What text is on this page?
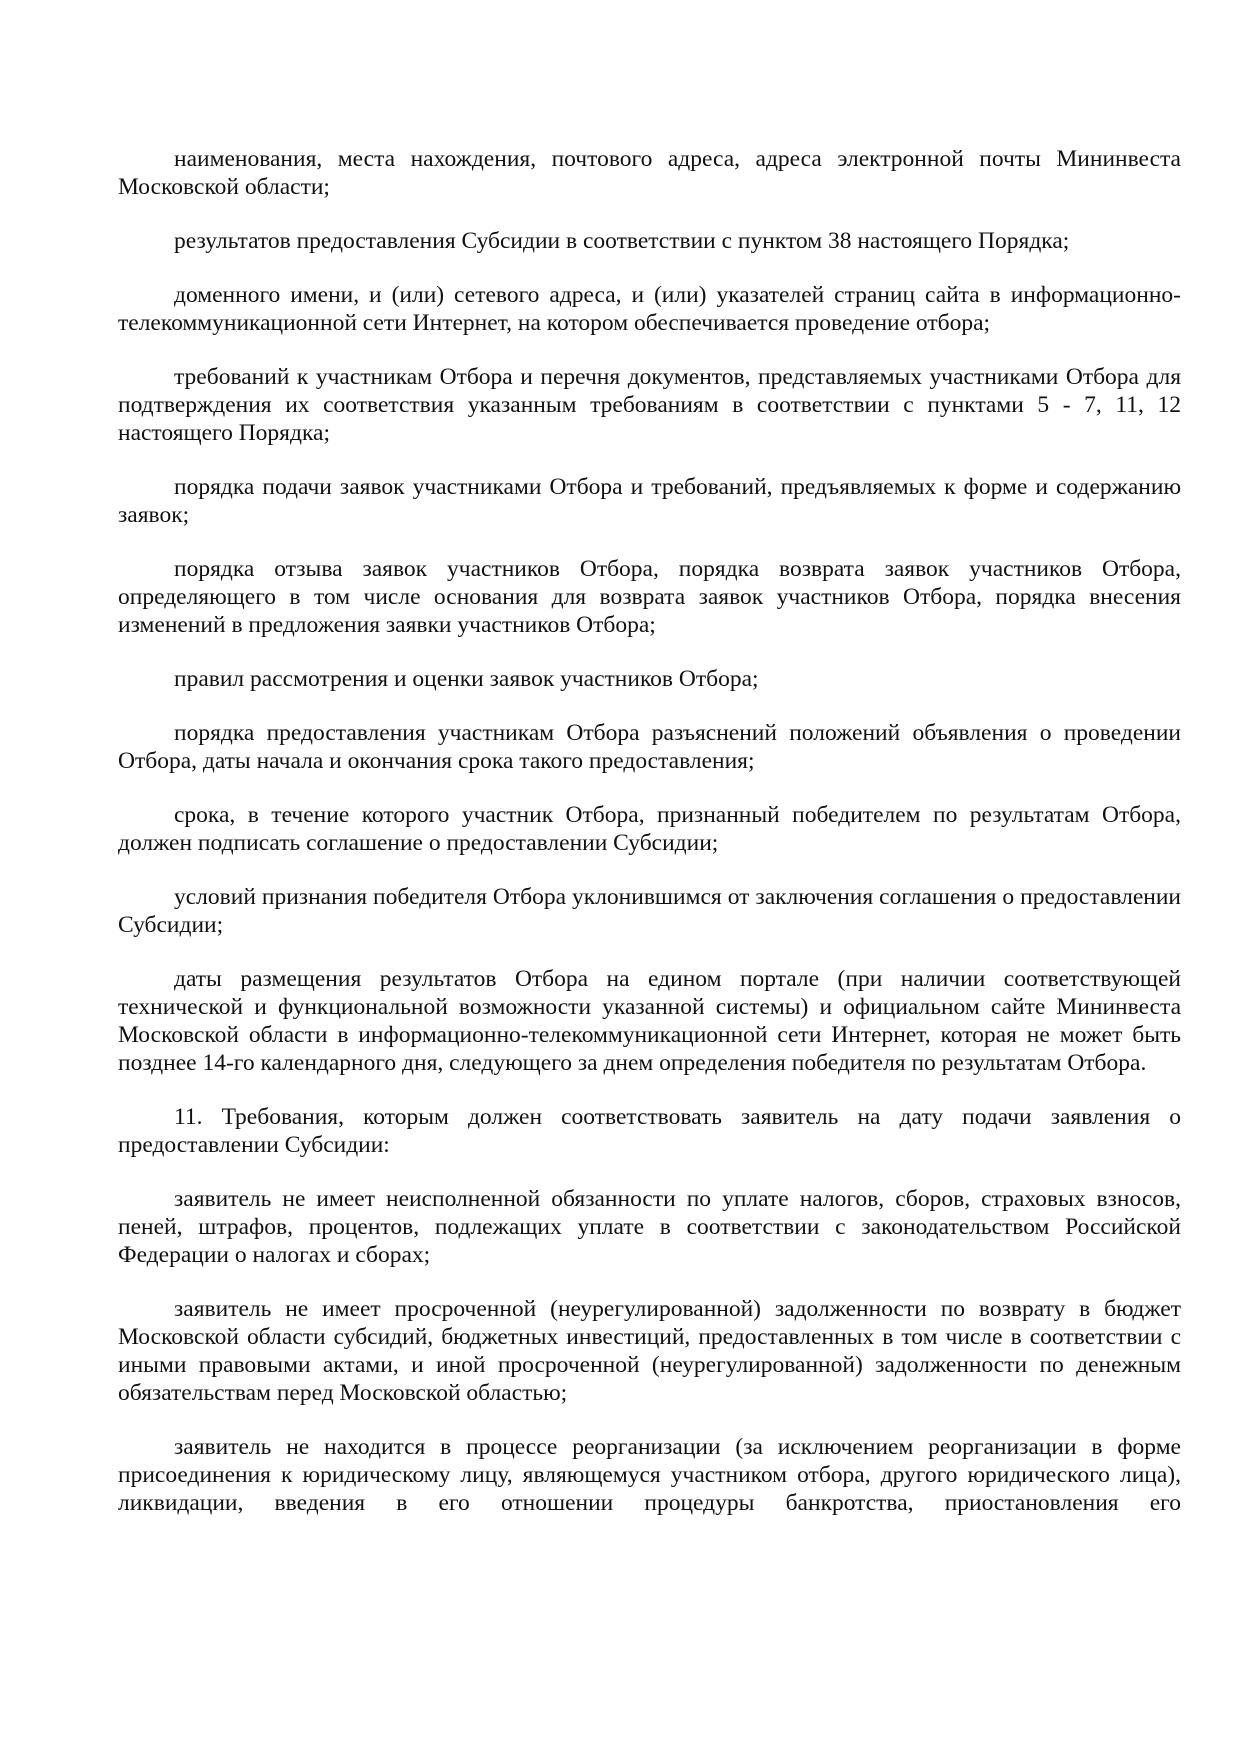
наименования, места нахождения, почтового адреса, адреса электронной почты Мининвеста Московской области;

результатов предоставления Субсидии в соответствии с пунктом 38 настоящего Порядка;

доменного имени, и (или) сетевого адреса, и (или) указателей страниц сайта в информационно-телекоммуникационной сети Интернет, на котором обеспечивается проведение отбора;

требований к участникам Отбора и перечня документов, представляемых участниками Отбора для подтверждения их соответствия указанным требованиям в соответствии с пунктами 5 - 7, 11, 12 настоящего Порядка;

порядка подачи заявок участниками Отбора и требований, предъявляемых к форме и содержанию заявок;

порядка отзыва заявок участников Отбора, порядка возврата заявок участников Отбора, определяющего в том числе основания для возврата заявок участников Отбора, порядка внесения изменений в предложения заявки участников Отбора;

правил рассмотрения и оценки заявок участников Отбора;

порядка предоставления участникам Отбора разъяснений положений объявления о проведении Отбора, даты начала и окончания срока такого предоставления;

срока, в течение которого участник Отбора, признанный победителем по результатам Отбора, должен подписать соглашение о предоставлении Субсидии;

условий признания победителя Отбора уклонившимся от заключения соглашения о предоставлении Субсидии;

даты размещения результатов Отбора на едином портале (при наличии соответствующей технической и функциональной возможности указанной системы) и официальном сайте Мининвеста Московской области в информационно-телекоммуникационной сети Интернет, которая не может быть позднее 14-го календарного дня, следующего за днем определения победителя по результатам Отбора.

11. Требования, которым должен соответствовать заявитель на дату подачи заявления о предоставлении Субсидии:

заявитель не имеет неисполненной обязанности по уплате налогов, сборов, страховых взносов, пеней, штрафов, процентов, подлежащих уплате в соответствии с законодательством Российской Федерации о налогах и сборах;

заявитель не имеет просроченной (неурегулированной) задолженности по возврату в бюджет Московской области субсидий, бюджетных инвестиций, предоставленных в том числе в соответствии с иными правовыми актами, и иной просроченной (неурегулированной) задолженности по денежным обязательствам перед Московской областью;

заявитель не находится в процессе реорганизации (за исключением реорганизации в форме присоединения к юридическому лицу, являющемуся участником отбора, другого юридического лица), ликвидации, введения в его отношении процедуры банкротства, приостановления его
